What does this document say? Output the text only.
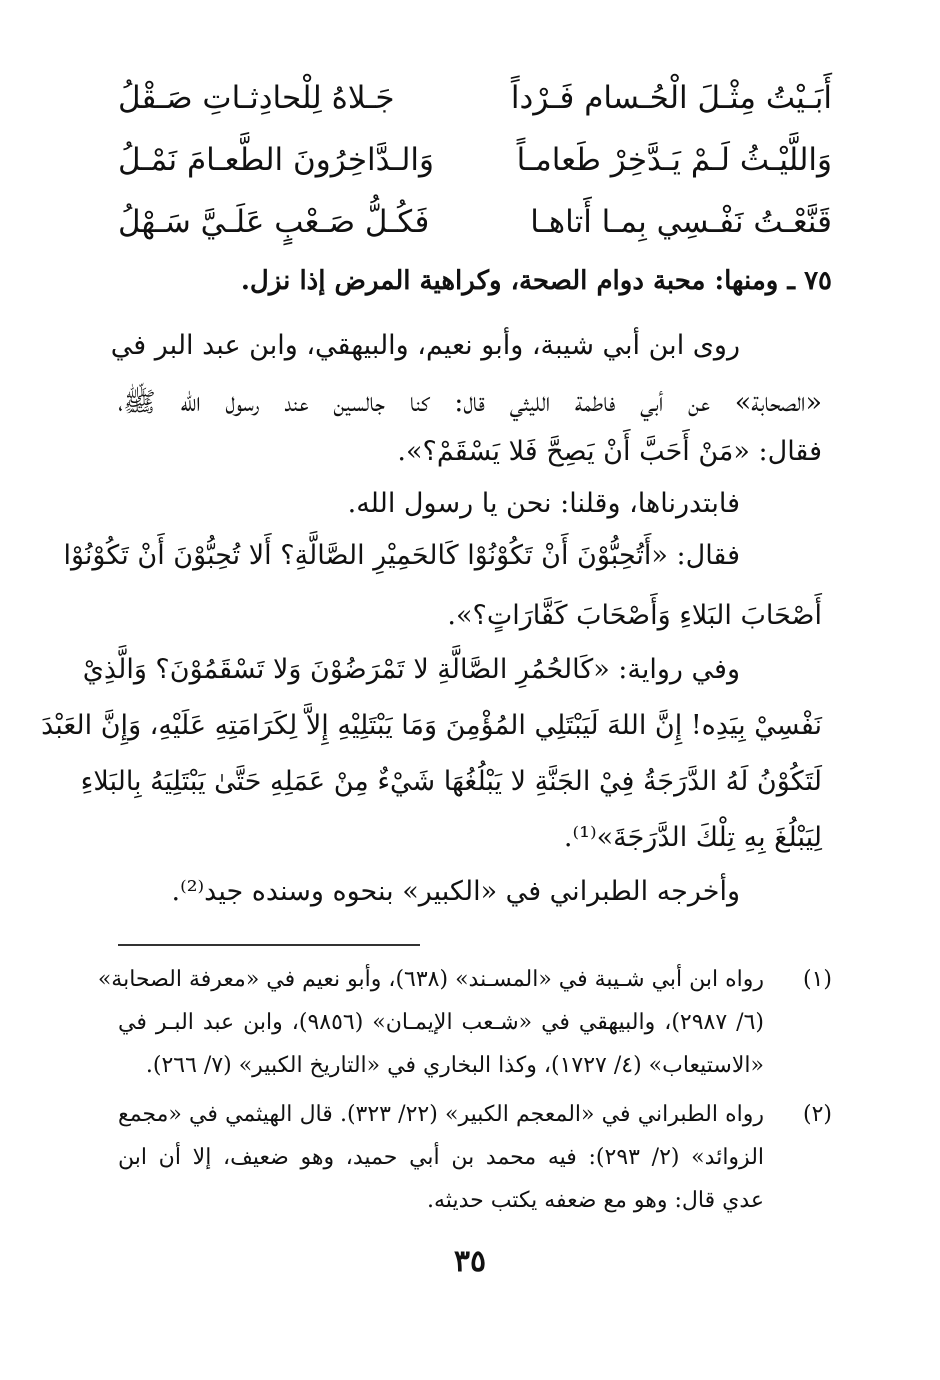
أَبَـيْتُ مِثْـلَ الْحُـسام فَـرْداً
جَـلاهُ لِلْحادِثـاتِ صَـقْلُ
وَاللَّيْـثُ لَـمْ يَـدَّخِرْ طَعامـاً
وَالـدَّاخِرُونَ الطَّعـامَ نَمْـلُ
قَنَّعْـتُ نَفْـسِي بِمـا أَتاهـا
فَكُـلُّ صَـعْبٍ عَلَـيَّ سَـهْلُ
٧٥ ـ ومنها: محبة دوام الصحة، وكراهية المرض إذا نزل.
روى ابن أبي شيبة، وأبو نعيم، والبيهقي، وابن عبد البر في
«الصحابة» عن أبي فاطمة الليثي قال: كنا جالسين عند رسول الله ﷺ،
فقال: «مَنْ أَحَبَّ أَنْ يَصِحَّ فَلا يَسْقَمْ؟».
فابتدرناها، وقلنا: نحن يا رسول الله.
فقال: «أَتُحِبُّوْنَ أَنْ تَكُوْنُوْا كَالحَمِيْرِ الصَّالَّةِ؟ أَلا تُحِبُّوْنَ أَنْ تَكُوْنُوْا
أَصْحَابَ البَلاءِ وَأَصْحَابَ كَفَّارَاتٍ؟».
وفي رواية: «كَالحُمُرِ الصَّالَّةِ لا تَمْرَضُوْنَ وَلا تَسْقَمُوْنَ؟ وَالَّذِيْ
نَفْسِيْ بِيَدِه! إِنَّ اللهَ لَيَبْتَلِي المُؤْمِنَ وَمَا يَبْتَلِيْهِ إِلاَّ لِكَرَامَتِهِ عَلَيْهِ، وَإِنَّ العَبْدَ
لَتَكُوْنُ لَهُ الدَّرَجَةُ فِيْ الجَنَّةِ لا يَبْلُغُهَا شَيْءٌ مِنْ عَمَلِهِ حَتَّىٰ يَبْتَلِيَهُ بِالبَلاءِ
لِيَبْلُغَ بِهِ تِلْكَ الدَّرَجَةَ»⁽¹⁾.
وأخرجه الطبراني في «الكبير» بنحوه وسنده جيد⁽²⁾.
(١)
رواه ابن أبي شـيبة في «المسـند» (٦٣٨)، وأبو نعيم في «معرفة الصحابة»
(٦/ ٢٩٨٧)، والبيهقي في «شـعب الإيمـان» (٩٨٥٦)، وابن عبد البـر في
«الاستيعاب» (٤/ ١٧٢٧)، وكذا البخاري في «التاريخ الكبير» (٧/ ٢٦٦).
(٢)
رواه الطبراني في «المعجم الكبير» (٢٢/ ٣٢٣). قال الهيثمي في «مجمع
الزوائد» (٢/ ٢٩٣): فيه محمد بن أبي حميد، وهو ضعيف، إلا أن ابن
عدي قال: وهو مع ضعفه يكتب حديثه.
٣٥
